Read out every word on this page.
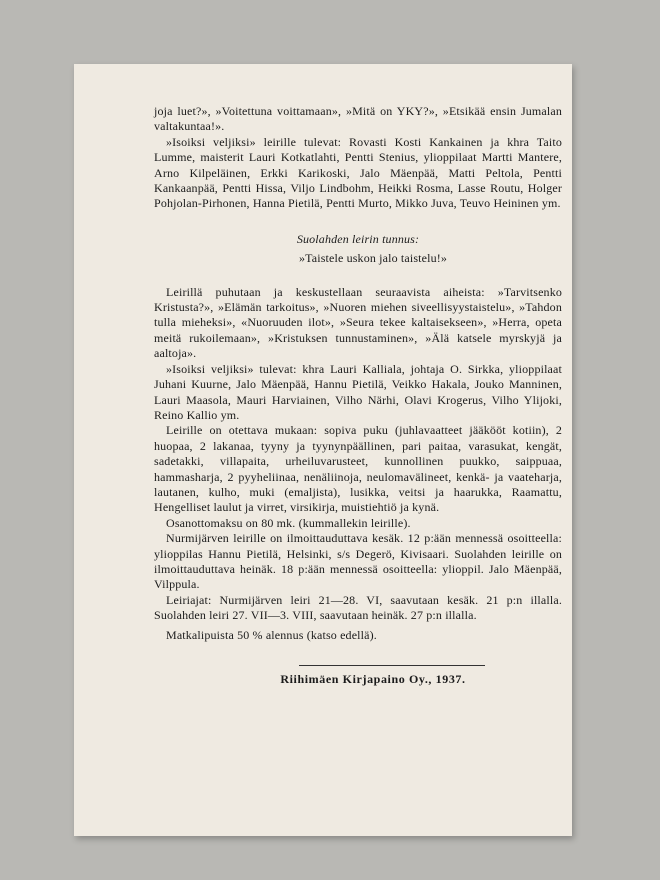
joja luet?», »Voitettuna voittamaan», »Mitä on YKY?», »Etsikää ensin Jumalan valtakuntaa!».

»Isoiksi veljiksi» leirille tulevat: Rovasti Kosti Kankainen ja khra Taito Lumme, maisterit Lauri Kotkatlahti, Pentti Stenius, ylioppilaat Martti Mantere, Arno Kilpeläinen, Erkki Karikoski, Jalo Mäenpää, Matti Peltola, Pentti Kankaanpää, Pentti Hissa, Viljo Lindbohm, Heikki Rosma, Lasse Routu, Holger Pohjolan-Pirhonen, Hanna Pietilä, Pentti Murto, Mikko Juva, Teuvo Heininen ym.

Suolahden leirin tunnus:
»Taistele uskon jalo taistelu!»

Leirillä puhutaan ja keskustellaan seuraavista aiheista: »Tarvitsenko Kristusta?», »Elämän tarkoitus», »Nuoren miehen siveellisyystaistelu», »Tahdon tulla mieheksi», «Nuoruuden ilot», »Seura tekee kaltaisekseen», »Herra, opeta meitä rukoilemaan», »Kristuksen tunnustaminen», »Älä katsele myrskyjä ja aaltoja».

»Isoiksi veljiksi» tulevat: khra Lauri Kalliala, johtaja O. Sirkka, ylioppilaat Juhani Kuurne, Jalo Mäenpää, Hannu Pietilä, Veikko Hakala, Jouko Manninen, Lauri Maasola, Mauri Harviainen, Vilho Närhi, Olavi Krogerus, Vilho Ylijoki, Reino Kallio ym.

Leirille on otettava mukaan: sopiva puku (juhlavaatteet jääkööt kotiin), 2 huopaa, 2 lakanaa, tyyny ja tyynynpäällinen, pari paitaa, varasukat, kengät, sadetakki, villapaita, urheiluvarusteet, kunnollinen puukko, saippuaa, hammasharja, 2 pyyheliinaa, nenäliinoja, neulomavälineet, kenkä- ja vaateharja, lautanen, kulho, muki (emaljista), lusikka, veitsi ja haarukka, Raamattu, Hengelliset laulut ja virret, virsikirja, muistiehtiö ja kynä.

Osanottomaksu on 80 mk. (kummallekin leirille).

Nurmijärven leirille on ilmoittauduttava kesäk. 12 p:ään mennessä osoitteella: ylioppilas Hannu Pietilä, Helsinki, s/s Degerö, Kivisaari. Suolahden leirille on ilmoittauduttava heinäk. 18 p:ään mennessä osoitteella: ylioppil. Jalo Mäenpää, Vilppula.

Leiriajat: Nurmijärven leiri 21—28. VI, saavutaan kesäk. 21 p:n illalla. Suolahden leiri 27. VII—3. VIII, saavutaan heinäk. 27 p:n illalla.

Matkalipuista 50 % alennus (katso edellä).

Riihimäen Kirjapaino Oy., 1937.
